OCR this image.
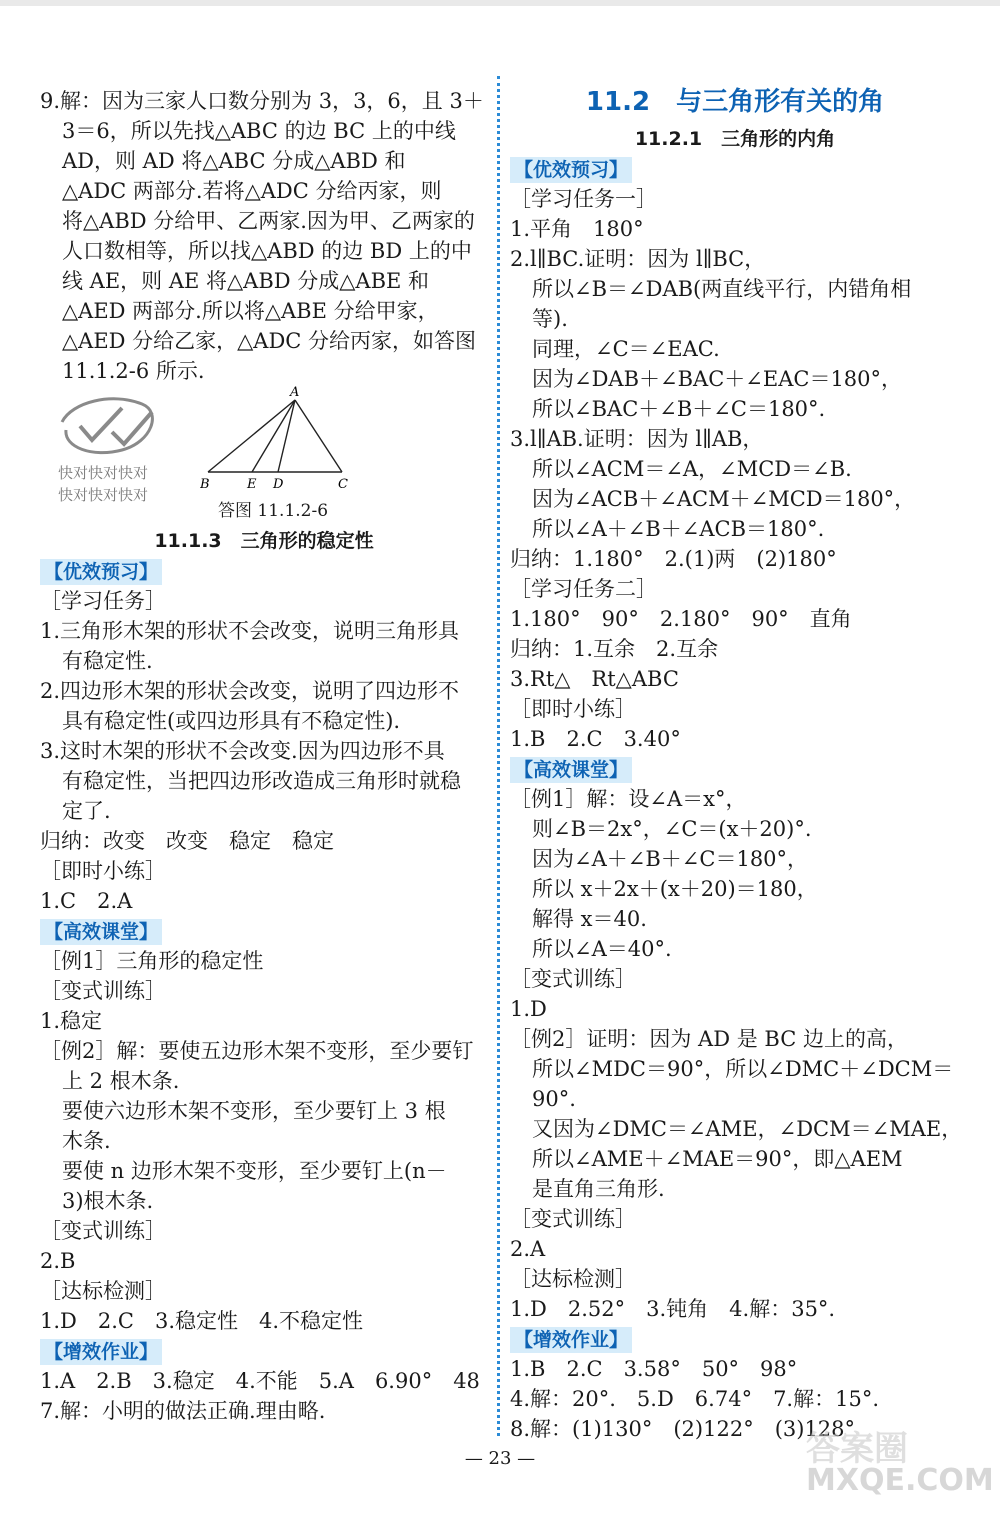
9.解：因为三家人口数分别为 3，3，6，且 3＋
3＝6，所以先找△ABC 的边 BC 上的中线
AD，则 AD 将△ABC 分成△ABD 和
△ADC 两部分.若将△ADC 分给丙家，则
将△ABD 分给甲、乙两家.因为甲、乙两家的
人口数相等，所以找△ABD 的边 BD 上的中
线 AE，则 AE 将△ABD 分成△ABE 和
△AED 两部分.所以将△ABE 分给甲家，
△AED 分给乙家，△ADC 分给丙家，如答图
11.1.2-6 所示.
快对快对快对
快对快对快对
A
B	E D	C
答图 11.1.2-6
11.1.3　三角形的稳定性
【优效预习】
［学习任务］
1.三角形木架的形状不会改变，说明三角形具
有稳定性.
2.四边形木架的形状会改变，说明了四边形不
具有稳定性(或四边形具有不稳定性).
3.这时木架的形状不会改变.因为四边形不具
有稳定性，当把四边形改造成三角形时就稳
定了.
归纳：改变　改变　稳定　稳定
［即时小练］
1.C　2.A
【高效课堂】
［例1］三角形的稳定性
［变式训练］
1.稳定
［例2］解：要使五边形木架不变形，至少要钉
上 2 根木条.
要使六边形木架不变形，至少要钉上 3 根
木条.
要使 n 边形木架不变形，至少要钉上(n－
3)根木条.
［变式训练］
2.B
［达标检测］
1.D　2.C　3.稳定性　4.不稳定性
【增效作业】
1.A　2.B　3.稳定　4.不能　5.A　6.90°　48
7.解：小明的做法正确.理由略.
11.2　与三角形有关的角
11.2.1　三角形的内角
【优效预习】
［学习任务一］
1.平角　180°
2.l∥BC.证明：因为 l∥BC，
所以∠B＝∠DAB(两直线平行，内错角相
等).
同理，∠C＝∠EAC.
因为∠DAB＋∠BAC＋∠EAC＝180°，
所以∠BAC＋∠B＋∠C＝180°.
3.l∥AB.证明：因为 l∥AB，
所以∠ACM＝∠A，∠MCD＝∠B.
因为∠ACB＋∠ACM＋∠MCD＝180°，
所以∠A＋∠B＋∠ACB＝180°.
归纳：1.180°　2.(1)两　(2)180°
［学习任务二］
1.180°　90°　2.180°　90°　直角
归纳：1.互余　2.互余
3.Rt△　Rt△ABC
［即时小练］
1.B　2.C　3.40°
【高效课堂】
［例1］解：设∠A＝x°，
则∠B＝2x°，∠C＝(x＋20)°.
因为∠A＋∠B＋∠C＝180°，
所以 x＋2x＋(x＋20)＝180，
解得 x＝40.
所以∠A＝40°.
［变式训练］
1.D
［例2］证明：因为 AD 是 BC 边上的高，
所以∠MDC＝90°，所以∠DMC＋∠DCM＝
90°.
又因为∠DMC＝∠AME，∠DCM＝∠MAE，
所以∠AME＋∠MAE＝90°，即△AEM
是直角三角形.
［变式训练］
2.A
［达标检测］
1.D　2.52°　3.钝角　4.解：35°.
【增效作业】
1.B　2.C　3.58°　50°　98°
4.解：20°.　5.D　6.74°　7.解：15°.
8.解：(1)130°　(2)122°　(3)128°
— 23 —	答案圈
MXQE.COM
